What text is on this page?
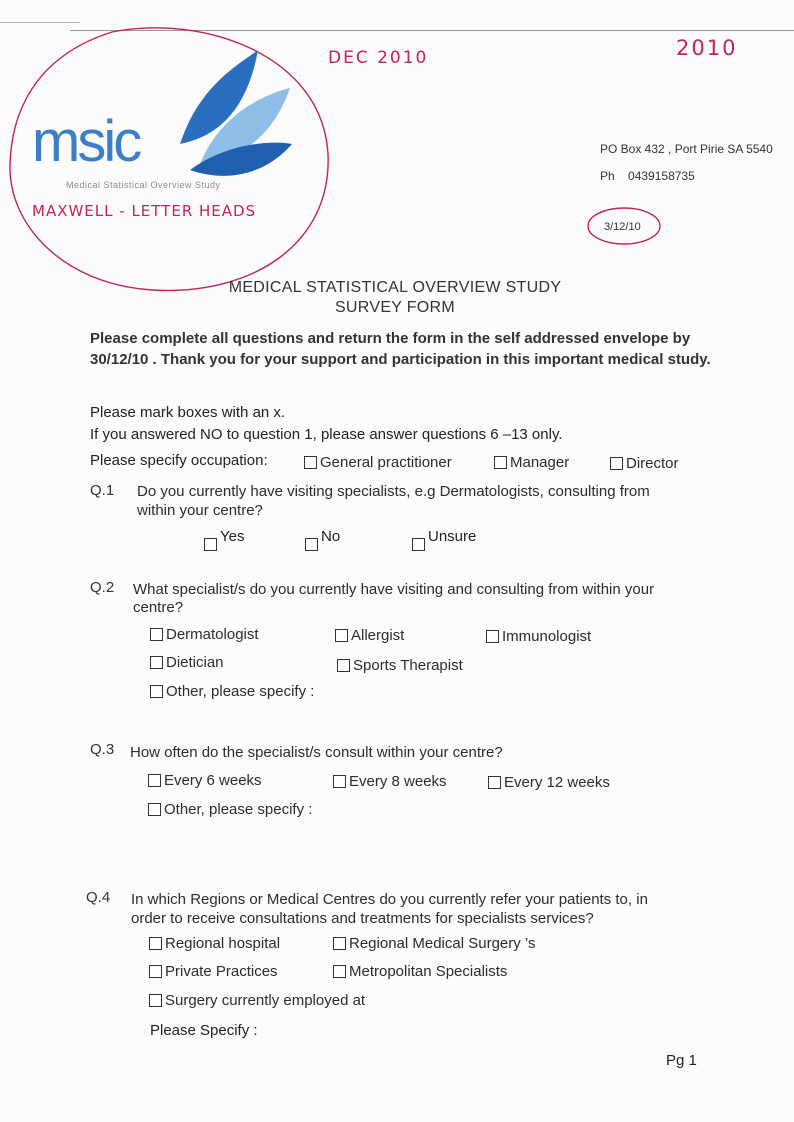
msic
Medical Statistical Overview Study
DEC 2010	2010
MAXWELL - LETTER HEADS
PO Box 432 , Port Pirie SA 5540
Ph 0439158735
3/12/10
MEDICAL STATISTICAL OVERVIEW STUDY
SURVEY FORM
Please complete all questions and return the form in the self addressed envelope by
30/12/10 . Thank you for your support and participation in this important medical study.
Please mark boxes with an x.
If you answered NO to question 1, please answer questions 6 –13 only.
Please specify occupation:	General practitioner	Manager	Director
Q.1 Do you currently have visiting specialists, e.g Dermatologists, consulting from
within your centre?
Yes	No	Unsure
Q.2 What specialist/s do you currently have visiting and consulting from within your
centre?
Dermatologist	Allergist	Immunologist
Dietician	Sports Therapist
Other, please specify :
Q.3 How often do the specialist/s consult within your centre?
Every 6 weeks	Every 8 weeks	Every 12 weeks
Other, please specify :
Q.4 In which Regions or Medical Centres do you currently refer your patients to, in
order to receive consultations and treatments for specialists services?
Regional hospital	Regional Medical Surgery ’s
Private Practices	Metropolitan Specialists
Surgery currently employed at
Please Specify :
Pg 1
